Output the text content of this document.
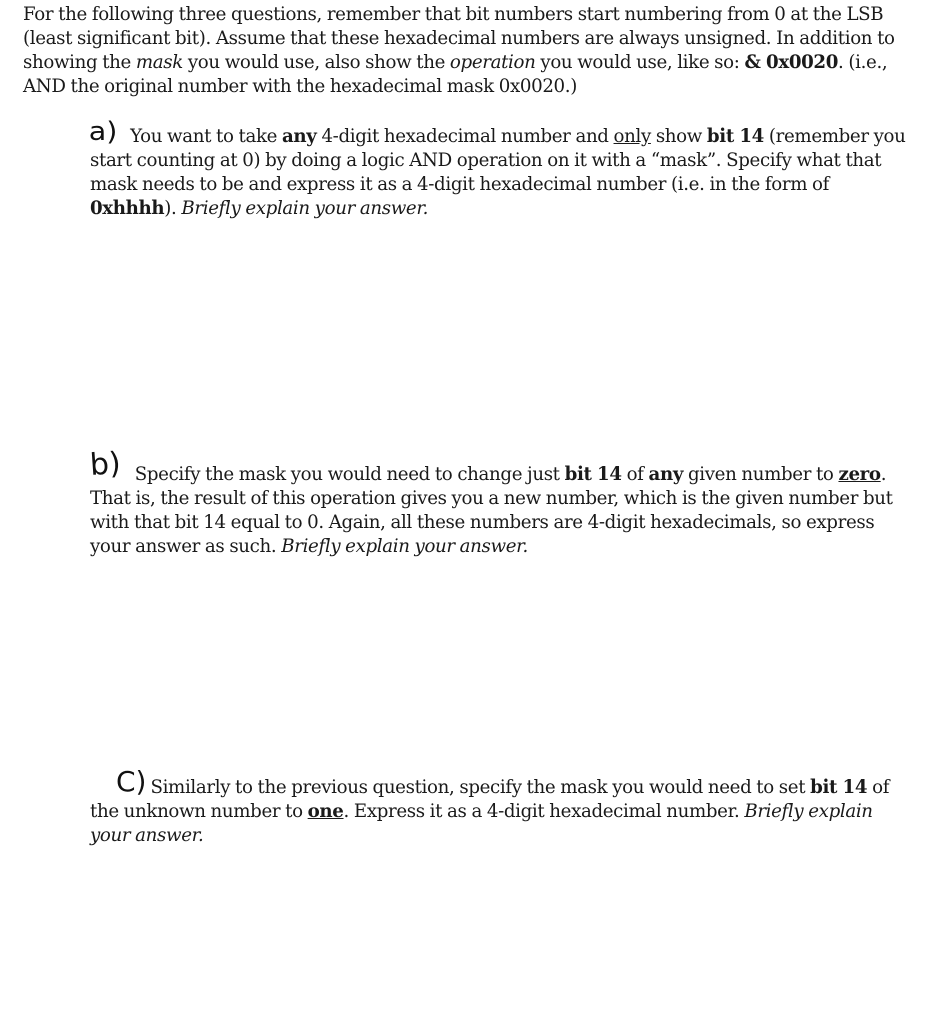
For the following three questions, remember that bit numbers start numbering from 0 at the LSB (least significant bit). Assume that these hexadecimal numbers are always unsigned. In addition to showing the mask you would use, also show the operation you would use, like so: & 0x0020. (i.e., AND the original number with the hexadecimal mask 0x0020.)

a) You want to take any 4-digit hexadecimal number and only show bit 14 (remember you start counting at 0) by doing a logic AND operation on it with a “mask”. Specify what that mask needs to be and express it as a 4-digit hexadecimal number (i.e. in the form of 0xhhhh). Briefly explain your answer.

b) Specify the mask you would need to change just bit 14 of any given number to zero. That is, the result of this operation gives you a new number, which is the given number but with that bit 14 equal to 0. Again, all these numbers are 4-digit hexadecimals, so express your answer as such. Briefly explain your answer.

C) Similarly to the previous question, specify the mask you would need to set bit 14 of the unknown number to one. Express it as a 4-digit hexadecimal number. Briefly explain your answer.
